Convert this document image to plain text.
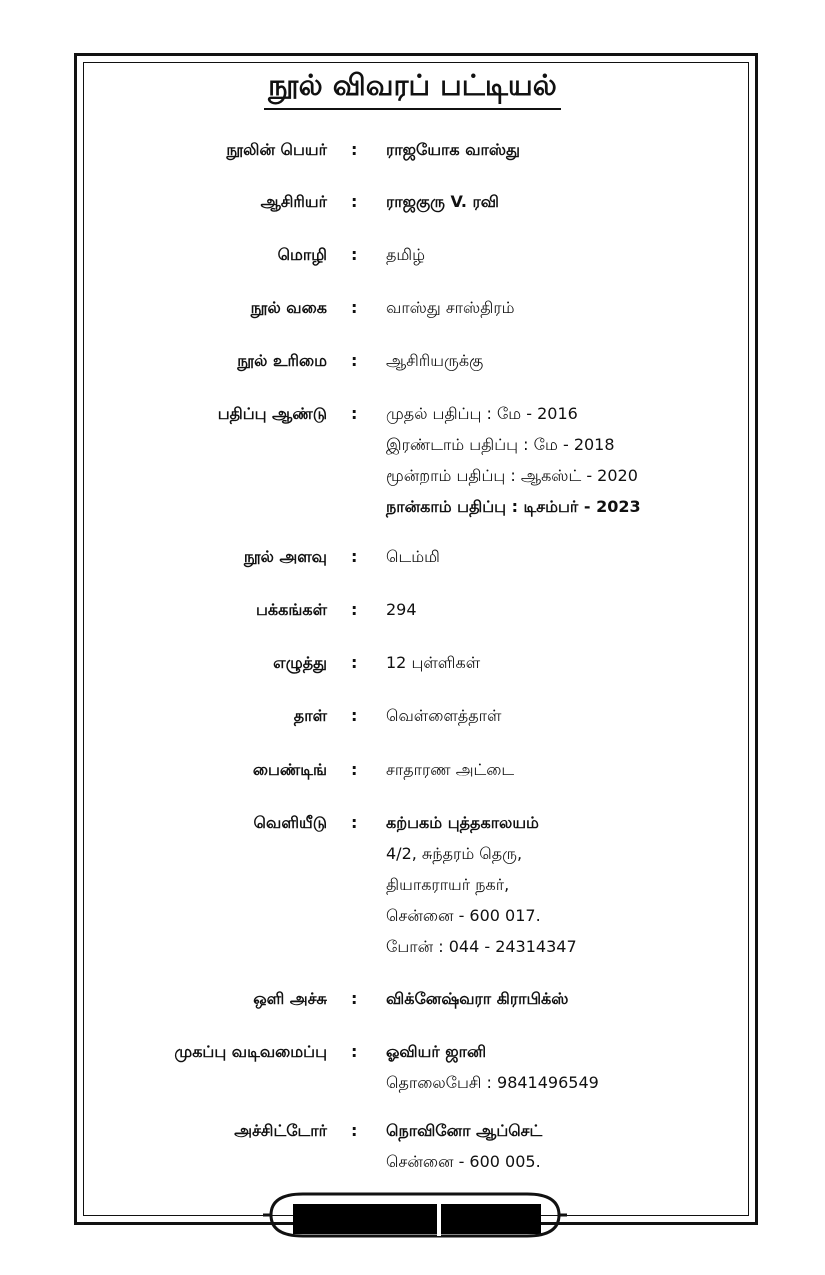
நூல் விவரப் பட்டியல்
நூலின் பெயர் : ராஜயோக வாஸ்து
ஆசிரியர் : ராஜகுரு V. ரவி
மொழி : தமிழ்
நூல் வகை : வாஸ்து சாஸ்திரம்
நூல் உரிமை : ஆசிரியருக்கு
பதிப்பு ஆண்டு : முதல் பதிப்பு : மே - 2016
இரண்டாம் பதிப்பு : மே - 2018
மூன்றாம் பதிப்பு : ஆகஸ்ட் - 2020
நான்காம் பதிப்பு : டிசம்பர் - 2023
நூல் அளவு : டெம்மி
பக்கங்கள் : 294
எழுத்து : 12 புள்ளிகள்
தாள் : வெள்ளைத்தாள்
பைண்டிங் : சாதாரண அட்டை
வெளியீடு : கற்பகம் புத்தகாலயம்
4/2, சுந்தரம் தெரு,
தியாகராயர் நகர்,
சென்னை - 600 017.
போன் : 044 - 24314347
ஒளி அச்சு : விக்னேஷ்வரா கிராபிக்ஸ்
முகப்பு வடிவமைப்பு : ஓவியர் ஜானி
தொலைபேசி : 9841496549
அச்சிட்டோர் : நொவினோ ஆப்செட்
சென்னை - 600 005.
